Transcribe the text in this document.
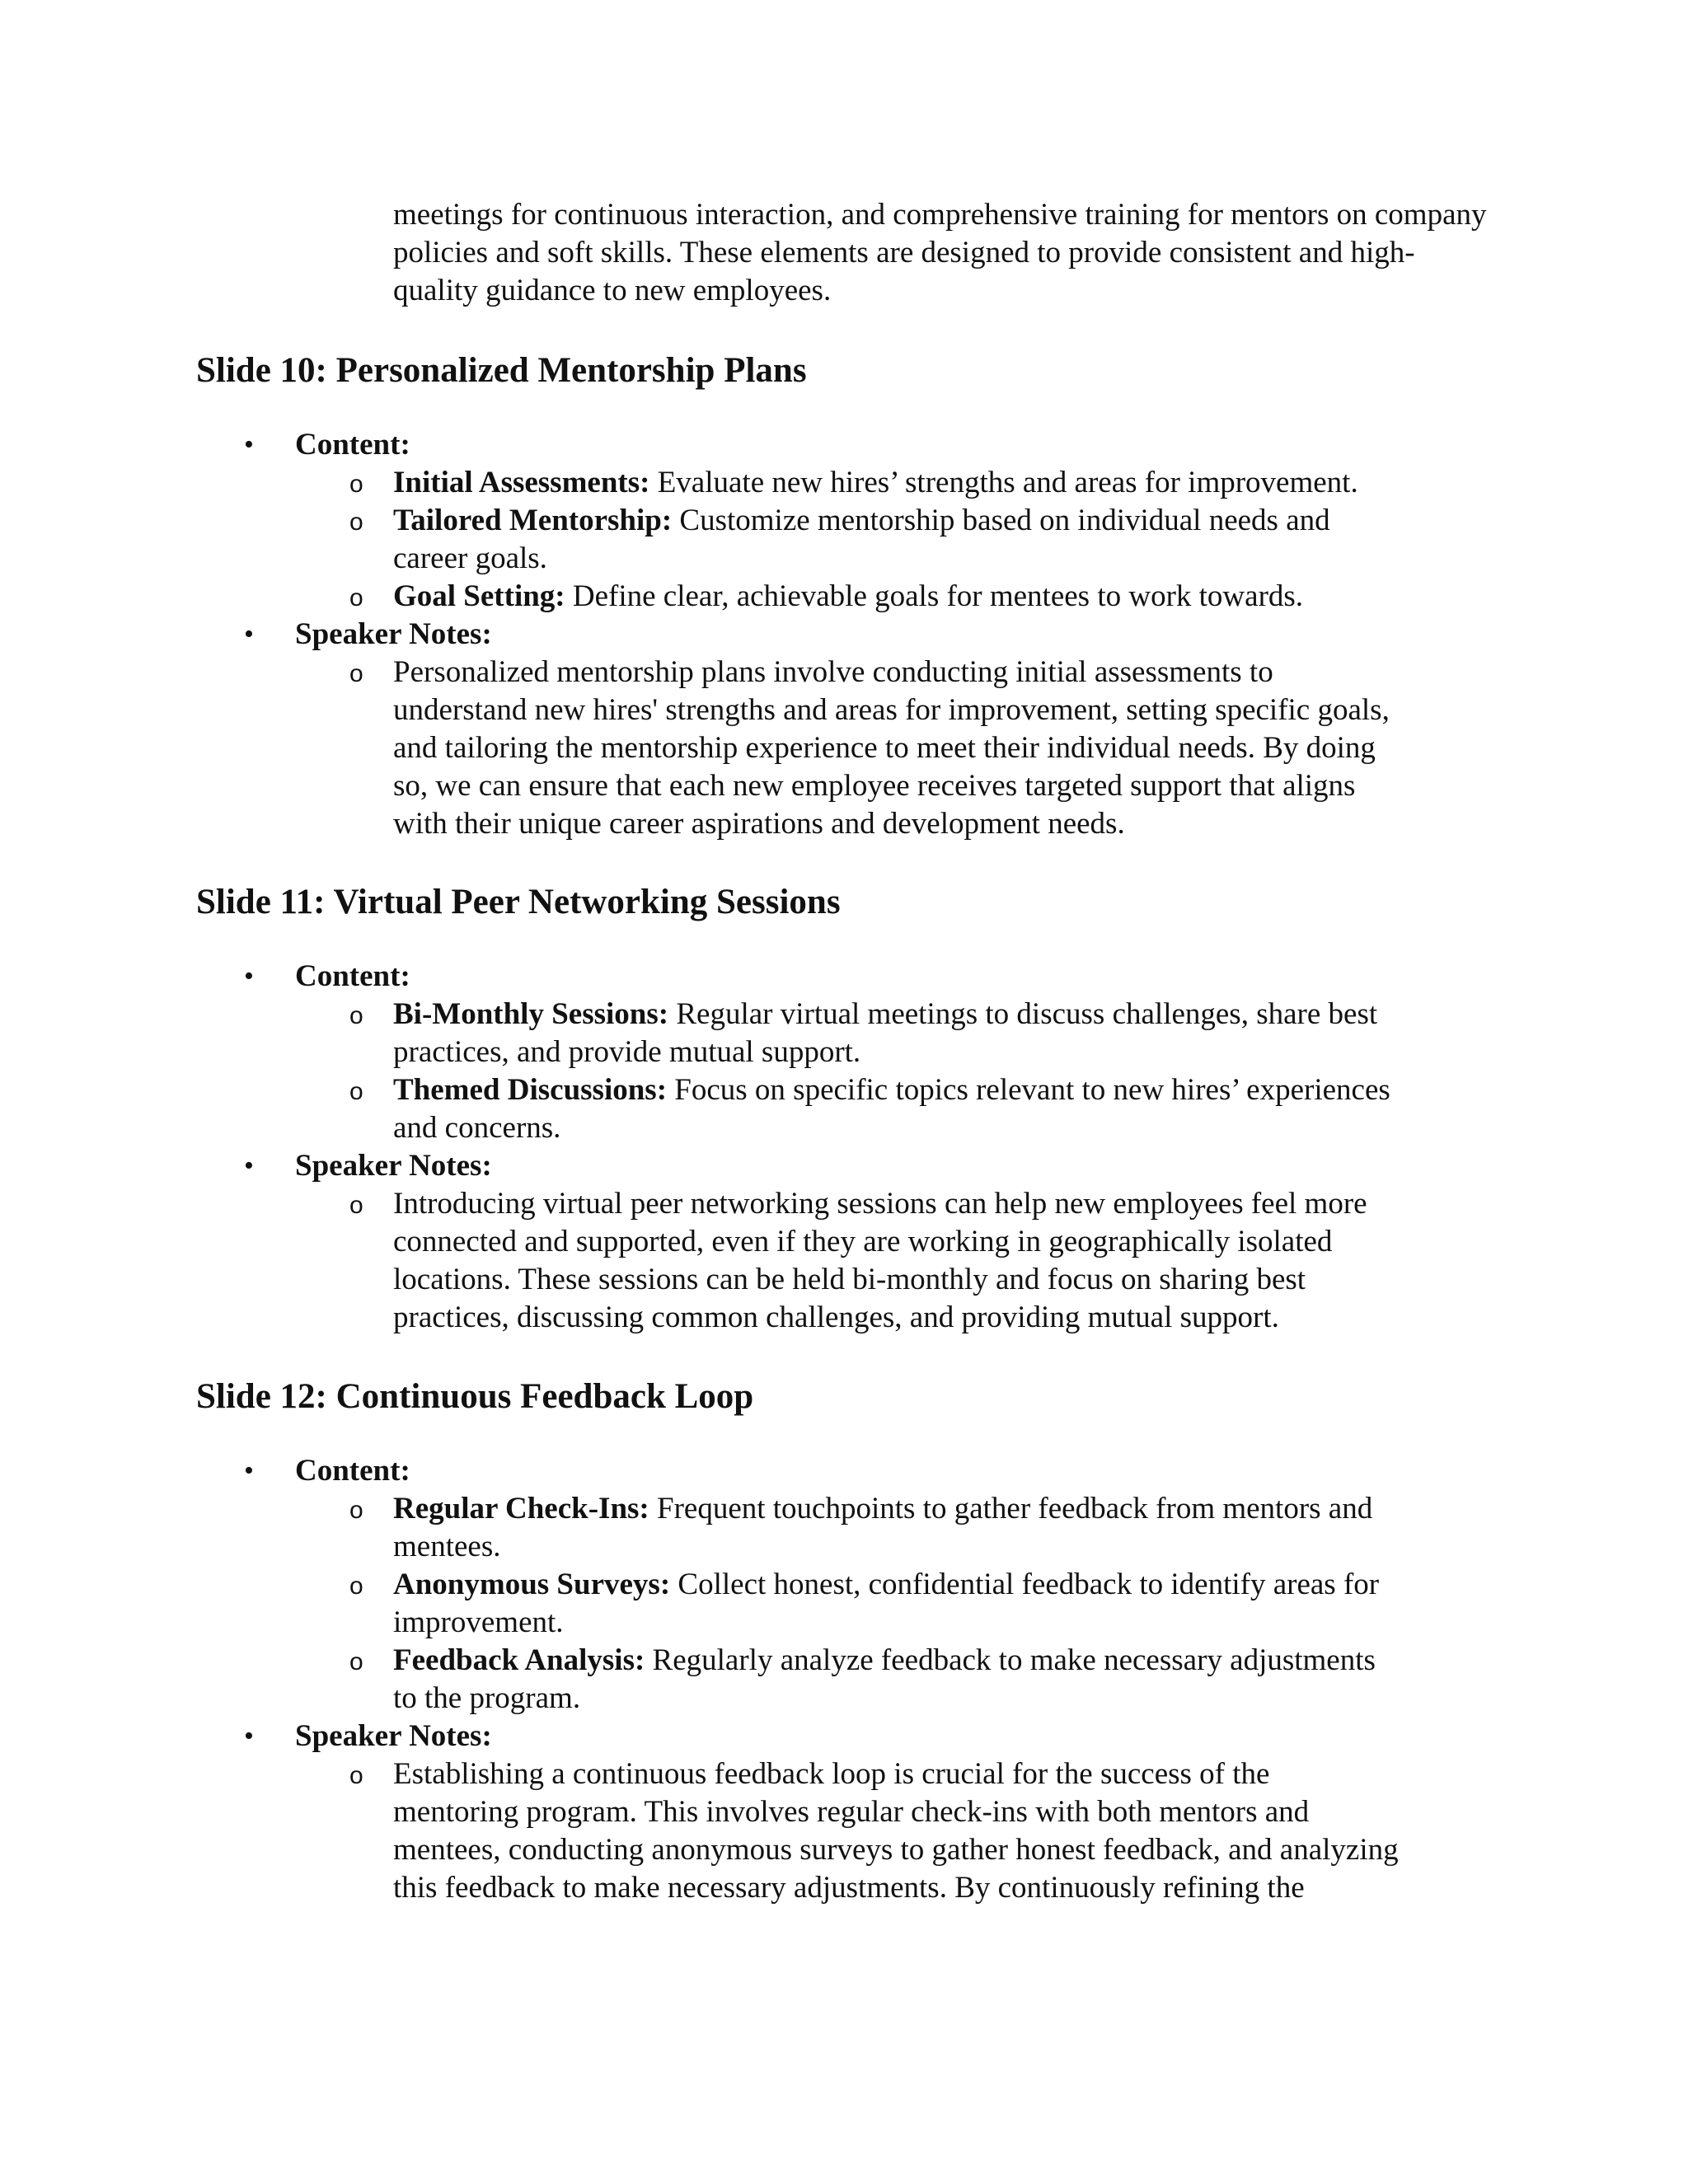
meetings for continuous interaction, and comprehensive training for mentors on company policies and soft skills. These elements are designed to provide consistent and high-quality guidance to new employees.

Slide 10: Personalized Mentorship Plans
• Content:
o Initial Assessments: Evaluate new hires’ strengths and areas for improvement.
o Tailored Mentorship: Customize mentorship based on individual needs and career goals.
o Goal Setting: Define clear, achievable goals for mentees to work towards.
• Speaker Notes:
o Personalized mentorship plans involve conducting initial assessments to understand new hires' strengths and areas for improvement, setting specific goals, and tailoring the mentorship experience to meet their individual needs. By doing so, we can ensure that each new employee receives targeted support that aligns with their unique career aspirations and development needs.
Slide 11: Virtual Peer Networking Sessions
• Content:
o Bi-Monthly Sessions: Regular virtual meetings to discuss challenges, share best practices, and provide mutual support.
o Themed Discussions: Focus on specific topics relevant to new hires’ experiences and concerns.
• Speaker Notes:
o Introducing virtual peer networking sessions can help new employees feel more connected and supported, even if they are working in geographically isolated locations. These sessions can be held bi-monthly and focus on sharing best practices, discussing common challenges, and providing mutual support.
Slide 12: Continuous Feedback Loop
• Content:
o Regular Check-Ins: Frequent touchpoints to gather feedback from mentors and mentees.
o Anonymous Surveys: Collect honest, confidential feedback to identify areas for improvement.
o Feedback Analysis: Regularly analyze feedback to make necessary adjustments to the program.
• Speaker Notes:
o Establishing a continuous feedback loop is crucial for the success of the mentoring program. This involves regular check-ins with both mentors and mentees, conducting anonymous surveys to gather honest feedback, and analyzing this feedback to make necessary adjustments. By continuously refining the
